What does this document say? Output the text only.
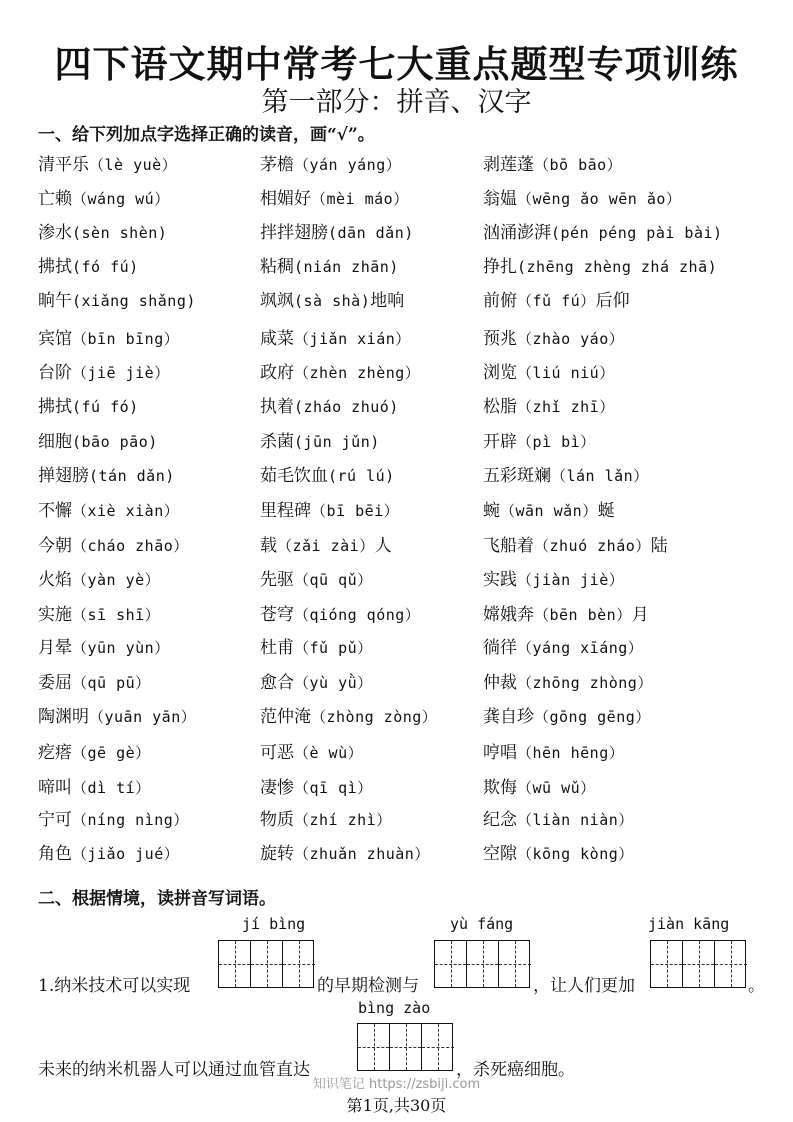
四下语文期中常考七大重点题型专项训练
第一部分：拼音、汉字
一、给下列加点字选择正确的读音，画“√”。
清平乐（lè yuè）	茅檐（yán yáng）	剥莲蓬（bō bāo）
亡赖（wáng wú）	相媚好（mèi máo）	翁媪（wēng ǎo wēn ǎo）
渗水(sèn shèn)	拌拌翅膀(dān dǎn)	汹涌澎湃(pén péng pài bài)
拂拭(fó fú)	粘稠(nián zhān)	挣扎(zhēng zhèng zhá zhā)
晌午(xiǎng shǎng)	飒飒(sà shà)地响	前俯（fǔ fú）后仰
宾馆（bīn bīng）	咸菜（jiǎn xián）	预兆（zhào yáo）
台阶（jiē jiè）	政府（zhèn zhèng）	浏览（liú niú）
拂拭(fú fó)	执着(zháo zhuó)	松脂（zhǐ zhī）
细胞(bāo pāo)	杀菌(jūn jǔn)	开辟（pì bì）
掸翅膀(tán dǎn)	茹毛饮血(rú lú)	五彩斑斓（lán lǎn）
不懈（xiè xiàn）	里程碑（bī bēi）	蜿（wān wǎn）蜒
今朝（cháo zhāo）	载（zǎi zài）人	飞船着（zhuó zháo）陆
火焰（yàn yè）	先驱（qū qǔ）	实践（jiàn jiè）
实施（sī shī）	苍穹（qióng qóng）	嫦娥奔（bēn bèn）月
月晕（yūn yùn）	杜甫（fǔ pǔ）	徜徉（yáng xīáng）
委屈（qū pū）	愈合（yù yǜ）	仲裁（zhōng zhòng）
陶渊明（yuān yān）	范仲淹（zhòng zòng）	龚自珍（gōng gēng）
疙瘩（gē gè）	可恶（è wù）	哼唱（hēn hēng）
啼叫（dì tí）	凄惨（qī qì）	欺侮（wū wǔ）
宁可（níng nìng）	物质（zhí zhì）	纪念（liàn niàn）
角色（jiǎo jué）	旋转（zhuǎn zhuàn）	空隙（kōng kòng）
二、根据情境，读拼音写词语。
1.纳米技术可以实现
jí bìng
的早期检测与
yù fáng
，让人们更加
jiàn kāng
。
未来的纳米机器人可以通过血管直达
bìng zào
，杀死癌细胞。
知识笔记 https://zsbiji.com
第1页,共30页
